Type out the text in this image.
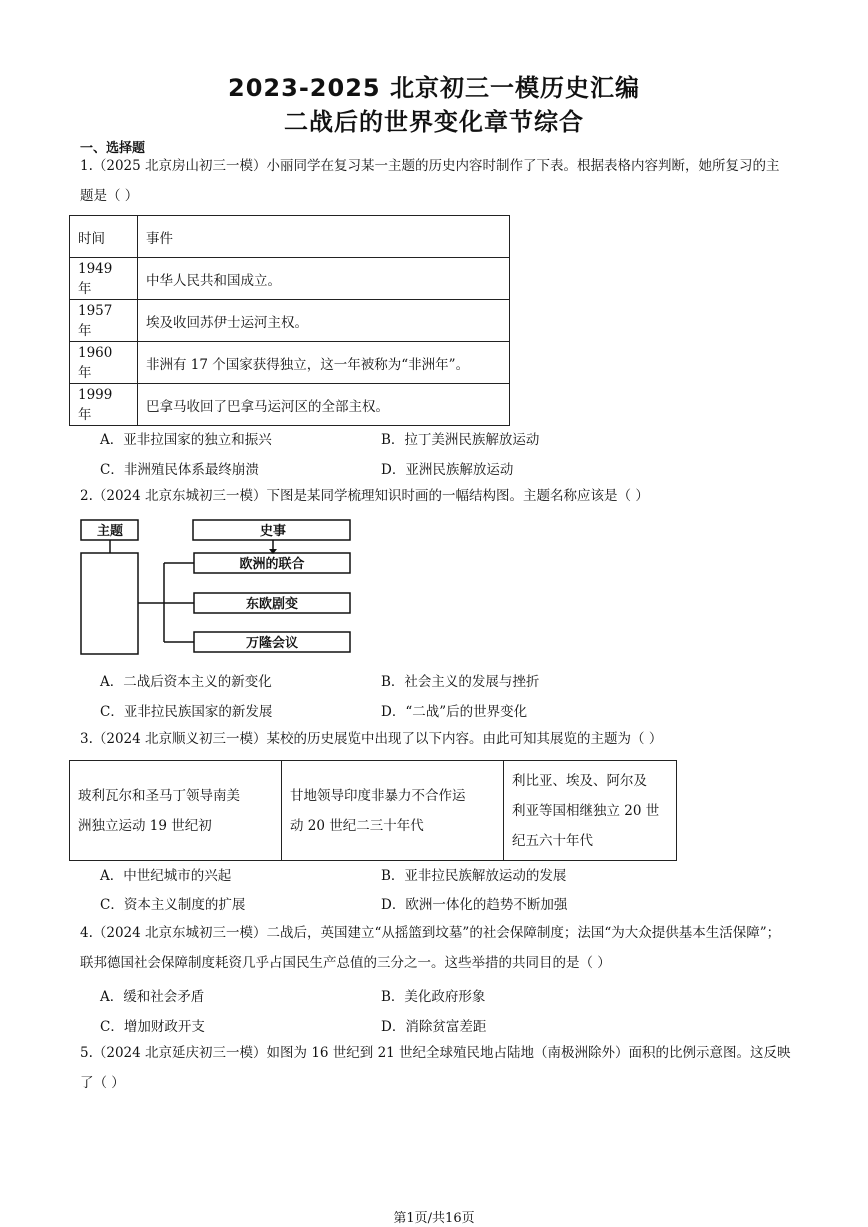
2023-2025 北京初三一模历史汇编
二战后的世界变化章节综合
一、选择题
1.（2025 北京房山初三一模）小丽同学在复习某一主题的历史内容时制作了下表。根据表格内容判断，她所复习的主题是（ ）
时间	事件
1949 年	中华人民共和国成立。
1957 年	埃及收回苏伊士运河主权。
1960 年	非洲有 17 个国家获得独立，这一年被称为“非洲年”。
1999 年	巴拿马收回了巴拿马运河区的全部主权。
A．亚非拉国家的独立和振兴	B．拉丁美洲民族解放运动
C．非洲殖民体系最终崩溃	D．亚洲民族解放运动
2.（2024 北京东城初三一模）下图是某同学梳理知识时画的一幅结构图。主题名称应该是（ ）
主题	史事
欧洲的联合
东欧剧变
万隆会议
A．二战后资本主义的新变化	B．社会主义的发展与挫折
C．亚非拉民族国家的新发展	D．“二战”后的世界变化
3.（2024 北京顺义初三一模）某校的历史展览中出现了以下内容。由此可知其展览的主题为（ ）
玻利瓦尔和圣马丁领导南美
洲独立运动 19 世纪初

甘地领导印度非暴力不合作运
动 20 世纪二三十年代

利比亚、埃及、阿尔及
利亚等国相继独立 20 世
纪五六十年代
A．中世纪城市的兴起	B．亚非拉民族解放运动的发展
C．资本主义制度的扩展	D．欧洲一体化的趋势不断加强
4.（2024 北京东城初三一模）二战后，英国建立“从摇篮到坟墓”的社会保障制度；法国“为大众提供基本生活保障”；联邦德国社会保障制度耗资几乎占国民生产总值的三分之一。这些举措的共同目的是（ ）
A．缓和社会矛盾	B．美化政府形象
C．增加财政开支	D．消除贫富差距
5.（2024 北京延庆初三一模）如图为 16 世纪到 21 世纪全球殖民地占陆地（南极洲除外）面积的比例示意图。这反映了（ ）
第1页/共16页
